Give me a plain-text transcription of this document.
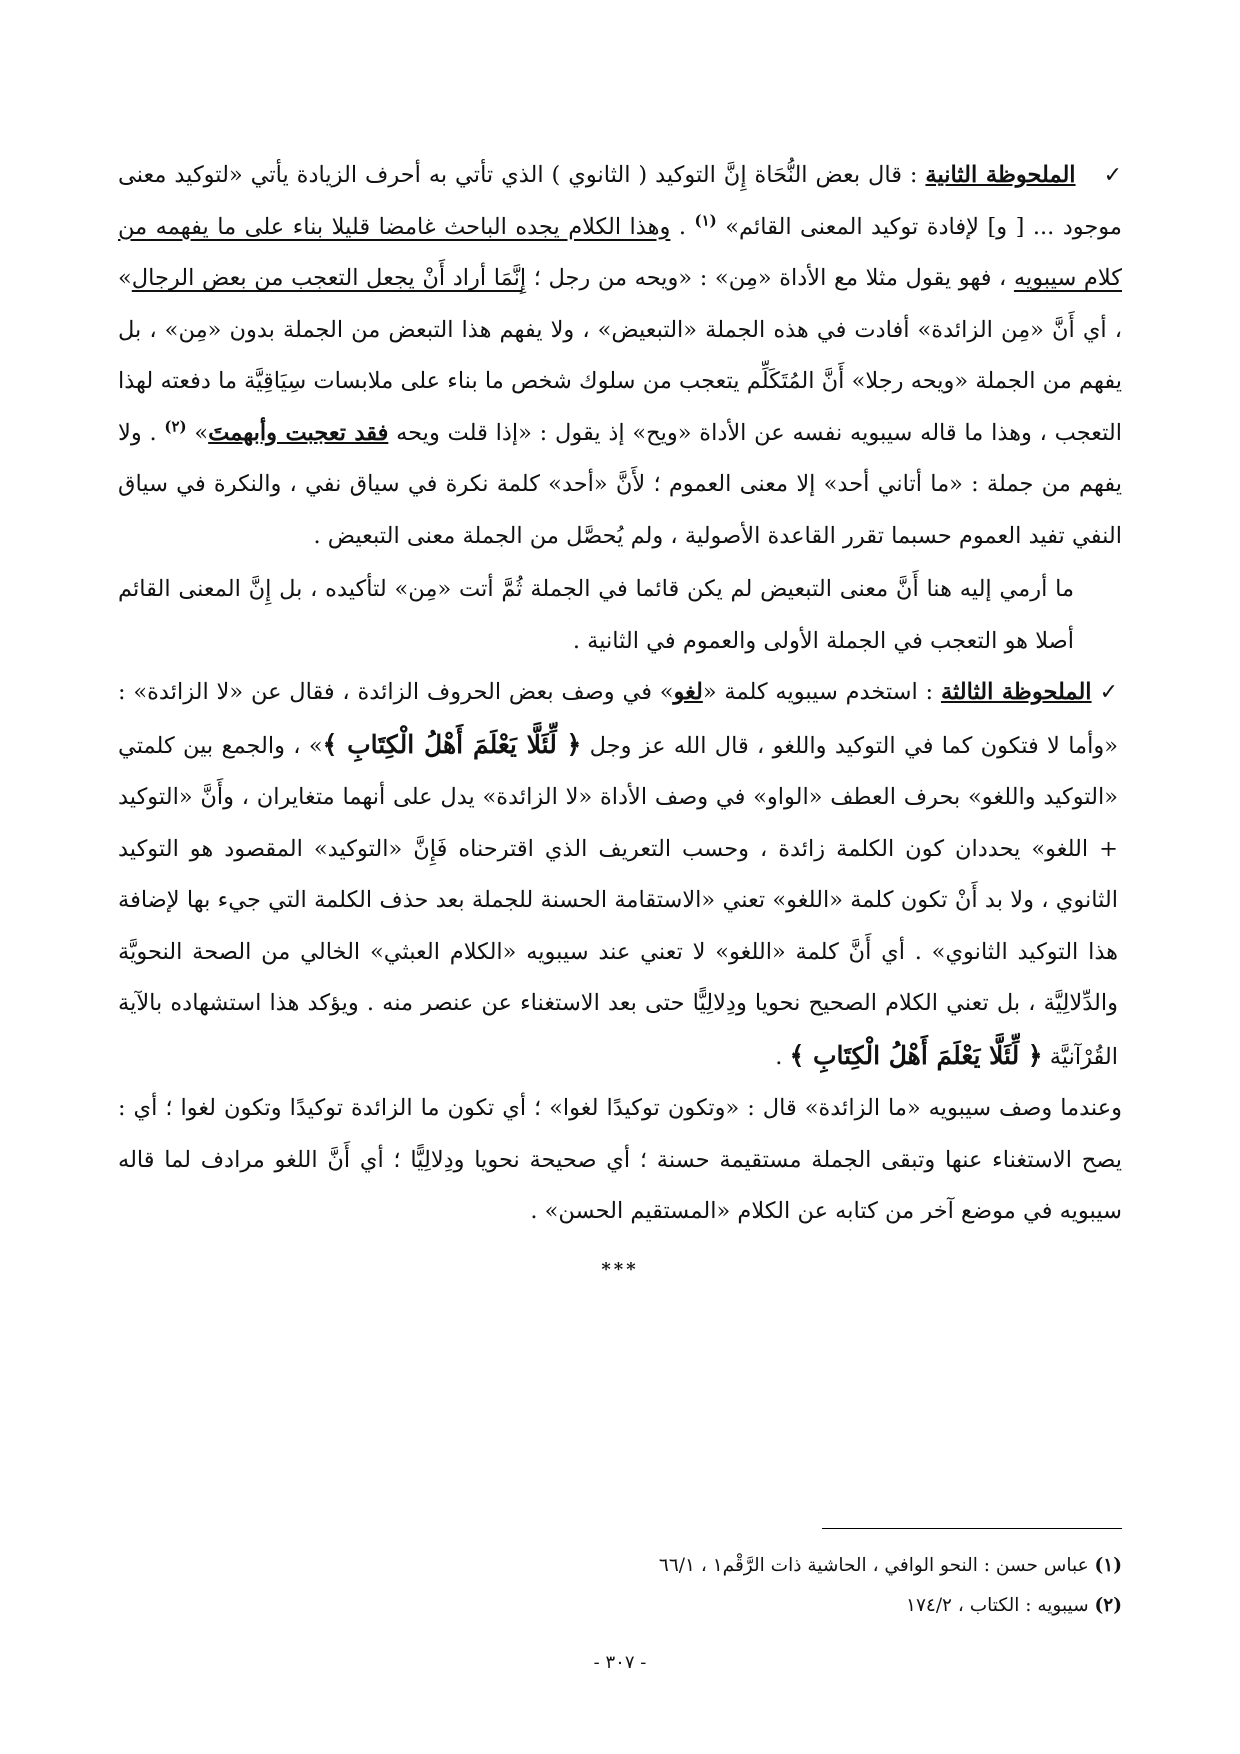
✓الملحوظة الثانية : قال بعض النُّحَاة إِنَّ التوكيد ( الثانوي ) الذي تأتي به أحرف الزيادة يأتي «لتوكيد معنى موجود ... [ و] لإفادة توكيد المعنى القائم» $^{(١)}$ . وهذا الكلام يجده الباحث غامضا قليلا بناء على ما يفهمه من كلام سيبويه ، فهو يقول مثلا مع الأداة «مِن» : «ويحه من رجل ؛ إِنَّمَا أراد أَنْ يجعل التعجب من بعض الرجال» ، أي أَنَّ «مِن الزائدة» أفادت في هذه الجملة «التبعيض» ، ولا يفهم هذا التبعض من الجملة بدون «مِن» ، بل يفهم من الجملة «ويحه رجلا» أَنَّ المُتَكَلِّم يتعجب من سلوك شخص ما بناء على ملابسات سِيَاقِيَّة ما دفعته لهذا التعجب ، وهذا ما قاله سيبويه نفسه عن الأداة «ويح» إذ يقول : «إذا قلت ويحه فقد تعجبت وأبهمتَ» $^{(٢)}$ . ولا يفهم من جملة : «ما أتاني أحد» إلا معنى العموم ؛ لأَنَّ «أحد» كلمة نكرة في سياق نفي ، والنكرة في سياق النفي تفيد العموم حسبما تقرر القاعدة الأصولية ، ولم يُحصَّل من الجملة معنى التبعيض .

ما أرمي إليه هنا أَنَّ معنى التبعيض لم يكن قائما في الجملة ثُمَّ أتت «مِن» لتأكيده ، بل إِنَّ المعنى القائم أصلا هو التعجب في الجملة الأولى والعموم في الثانية .

✓الملحوظة الثالثة : استخدم سيبويه كلمة «لغو» في وصف بعض الحروف الزائدة ، فقال عن «لا الزائدة» : «وأما لا فتكون كما في التوكيد واللغو ، قال الله عز وجل ﴿ لِّئَلَّا يَعْلَمَ أَهْلُ الْكِتَابِ ﴾» ، والجمع بين كلمتي «التوكيد واللغو» بحرف العطف «الواو» في وصف الأداة «لا الزائدة» يدل على أنهما متغايران ، وأَنَّ «التوكيد + اللغو» يحددان كون الكلمة زائدة ، وحسب التعريف الذي اقترحناه فَإِنَّ «التوكيد» المقصود هو التوكيد الثانوي ، ولا بد أَنْ تكون كلمة «اللغو» تعني «الاستقامة الحسنة للجملة بعد حذف الكلمة التي جيء بها لإضافة هذا التوكيد الثانوي» . أي أَنَّ كلمة «اللغو» لا تعني عند سيبويه «الكلام العبثي» الخالي من الصحة النحويَّة والدِّلالِيَّة ، بل تعني الكلام الصحيح نحويا ودِلالِيًّا حتى بعد الاستغناء عن عنصر منه . ويؤكد هذا استشهاده بالآية القُرْآنيَّة ﴿ لِّئَلَّا يَعْلَمَ أَهْلُ الْكِتَابِ ﴾ .

وعندما وصف سيبويه «ما الزائدة» قال : «وتكون توكيدًا لغوا» ؛ أي تكون ما الزائدة توكيدًا وتكون لغوا ؛ أي : يصح الاستغناء عنها وتبقى الجملة مستقيمة حسنة ؛ أي صحيحة نحويا ودِلالِيًّا ؛ أي أَنَّ اللغو مرادف لما قاله سيبويه في موضع آخر من كتابه عن الكلام «المستقيم الحسن» .

***

(١) عباس حسن : النحو الوافي ، الحاشية ذات الرَّقْم١ ، ٦٦/١

(٢) سيبويه : الكتاب ، ١٧٤/٢

- ٣٠٧ -
